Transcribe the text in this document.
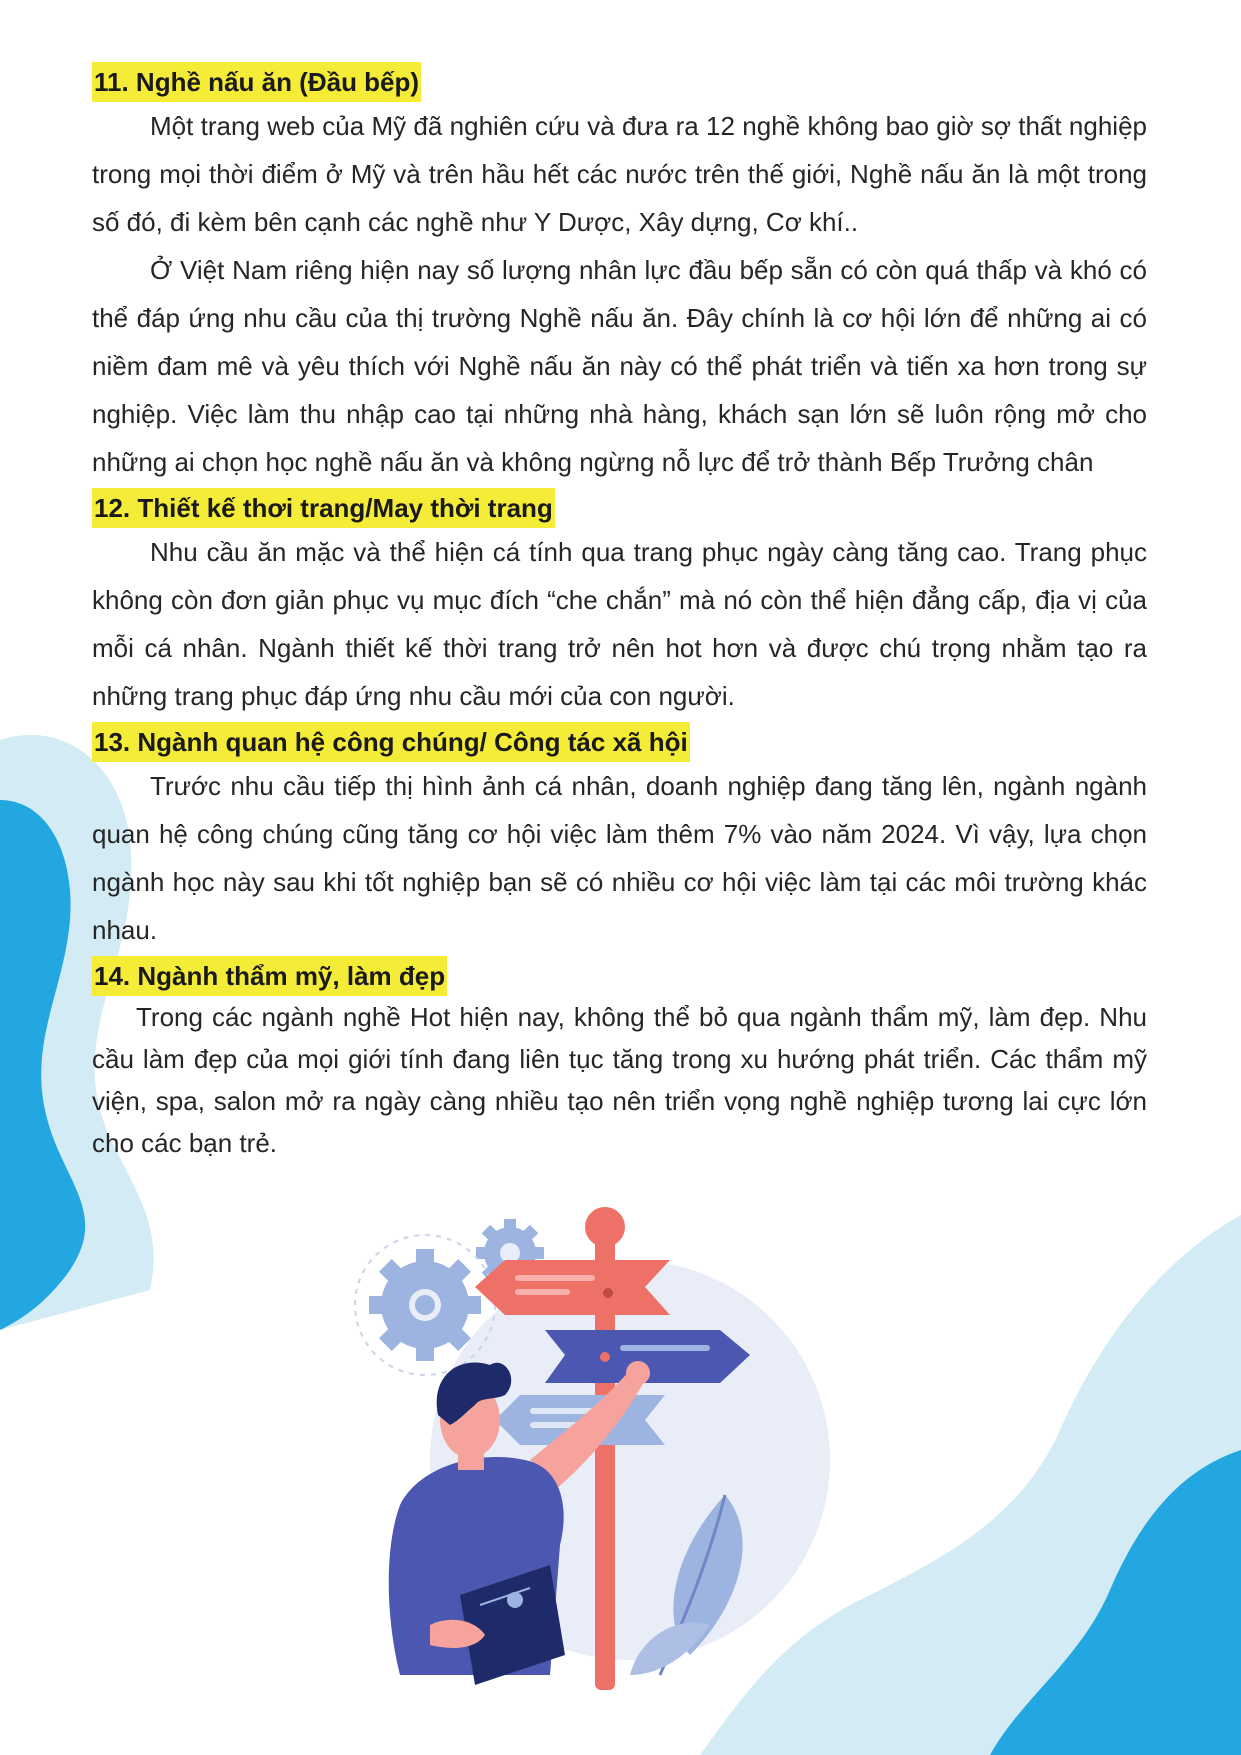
11. Nghề nấu ăn (Đầu bếp)

Một trang web của Mỹ đã nghiên cứu và đưa ra 12 nghề không bao giờ sợ thất nghiệp trong mọi thời điểm ở Mỹ và trên hầu hết các nước trên thế giới, Nghề nấu ăn là một trong số đó, đi kèm bên cạnh các nghề như Y Dược, Xây dựng, Cơ khí..

Ở Việt Nam riêng hiện nay số lượng nhân lực đầu bếp sẵn có còn quá thấp và khó có thể đáp ứng nhu cầu của thị trường Nghề nấu ăn. Đây chính là cơ hội lớn để những ai có niềm đam mê và yêu thích với Nghề nấu ăn này có thể phát triển và tiến xa hơn trong sự nghiệp. Việc làm thu nhập cao tại những nhà hàng, khách sạn lớn sẽ luôn rộng mở cho những ai chọn học nghề nấu ăn và không ngừng nỗ lực để trở thành Bếp Trưởng chân

12. Thiết kế thơi trang/May thời trang

Nhu cầu ăn mặc và thể hiện cá tính qua trang phục ngày càng tăng cao. Trang phục không còn đơn giản phục vụ mục đích “che chắn” mà nó còn thể hiện đẳng cấp, địa vị của mỗi cá nhân. Ngành thiết kế thời trang trở nên hot hơn và được chú trọng nhằm tạo ra những trang phục đáp ứng nhu cầu mới của con người.

13. Ngành quan hệ công chúng/ Công tác xã hội

Trước nhu cầu tiếp thị hình ảnh cá nhân, doanh nghiệp đang tăng lên, ngành ngành quan hệ công chúng cũng tăng cơ hội việc làm thêm 7% vào năm 2024. Vì vậy, lựa chọn ngành học này sau khi tốt nghiệp bạn sẽ có nhiều cơ hội việc làm tại các môi trường khác nhau.

14. Ngành thẩm mỹ, làm đẹp

Trong các ngành nghề Hot hiện nay, không thể bỏ qua ngành thẩm mỹ, làm đẹp. Nhu cầu làm đẹp của mọi giới tính đang liên tục tăng trong xu hướng phát triển. Các thẩm mỹ viện, spa, salon mở ra ngày càng nhiều tạo nên triển vọng nghề nghiệp tương lai cực lớn cho các bạn trẻ.
